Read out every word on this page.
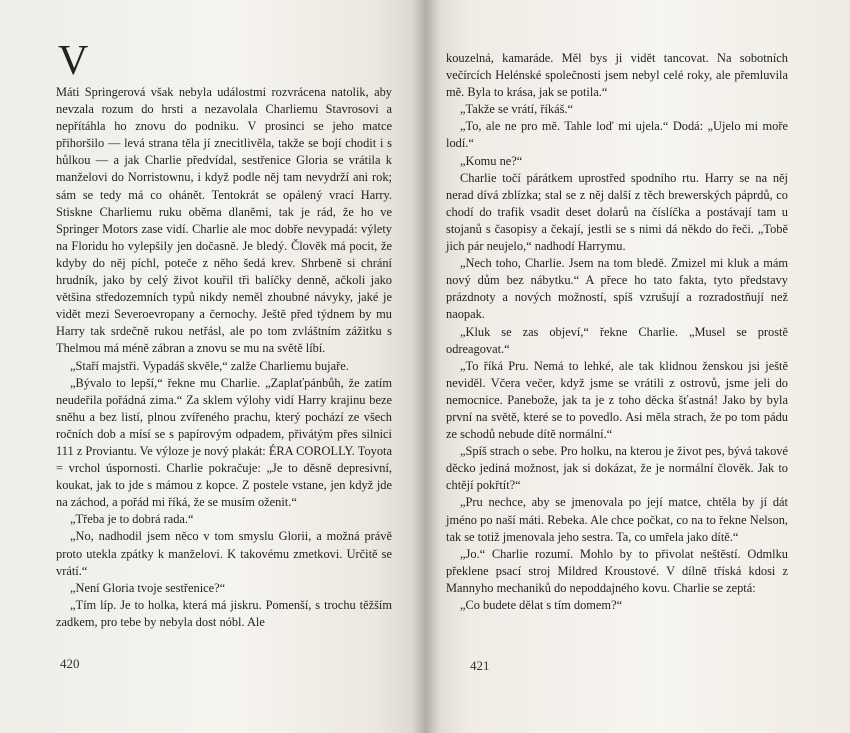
V

Máti Springerová však nebyla událostmi rozvrácena natolik, aby nevzala rozum do hrsti a nezavolala Charliemu Stavrosovi a nepřítáhla ho znovu do podniku. V prosinci se jeho matce přihoršilo — levá strana těla jí znecitlivěla, takže se bojí chodit i s hůlkou — a jak Charlie předvídal, sestřenice Gloria se vrátila k manželovi do Norristownu, i když podle něj tam nevydrží ani rok; sám se tedy má co ohánět. Tentokrát se opálený vrací Harry. Stiskne Charliemu ruku oběma dlaněmi, tak je rád, že ho ve Springer Motors zase vidí. Charlie ale moc dobře nevypadá: výlety na Floridu ho vylepšily jen dočasně. Je bledý. Člověk má pocit, že kdyby do něj píchl, poteče z něho šedá krev. Shrbeně si chrání hrudník, jako by celý život kouřil tři balíčky denně, ačkoli jako většina středozemních typů nikdy neměl zhoubné návyky, jaké je vidět mezi Severoevropany a černochy. Ještě před týdnem by mu Harry tak srdečně rukou netřásl, ale po tom zvláštním zážitku s Thelmou má méně zábran a znovu se mu na světě líbí.

„Staří majstři. Vypadáš skvěle,“ zalže Charliemu bujaře.

„Bývalo to lepší,“ řekne mu Charlie. „Zaplaťpánbůh, že zatím neudeřila pořádná zima.“ Za sklem výlohy vidí Harry krajinu beze sněhu a bez listí, plnou zvířeného prachu, který pochází ze všech ročních dob a mísí se s papírovým odpadem, přivátým přes silnici 111 z Proviantu. Ve výloze je nový plakát: ÉRA COROLLY. Toyota = vrchol úspornosti. Charlie pokračuje: „Je to děsně depresivní, koukat, jak to jde s mámou z kopce. Z postele vstane, jen když jde na záchod, a pořád mi říká, že se musím oženit.“

„Třeba je to dobrá rada.“

„No, nadhodil jsem něco v tom smyslu Glorii, a možná právě proto utekla zpátky k manželovi. K takovému zmetkovi. Určitě se vrátí.“

„Není Gloria tvoje sestřenice?“

„Tím líp. Je to holka, která má jiskru. Pomenší, s trochu těžším zadkem, pro tebe by nebyla dost nóbl. Ale

420

kouzelná, kamaráde. Měl bys ji vidět tancovat. Na sobotních večírcích Helénské společnosti jsem nebyl celé roky, ale přemluvila mě. Byla to krása, jak se potila.“

„Takže se vrátí, říkáš.“

„To, ale ne pro mě. Tahle loď mi ujela.“ Dodá: „Ujelo mi moře lodí.“

„Komu ne?“

Charlie točí párátkem uprostřed spodního rtu. Harry se na něj nerad dívá zblízka; stal se z něj další z těch brewerských páprdů, co chodí do trafik vsadit deset dolarů na číslíčka a postávají tam u stojanů s časopisy a čekají, jestli se s nimi dá někdo do řeči. „Tobě jich pár neujelo,“ nadhodí Harrymu.

„Nech toho, Charlie. Jsem na tom bledě. Zmizel mi kluk a mám nový dům bez nábytku.“ A přece ho tato fakta, tyto představy prázdnoty a nových možností, spíš vzrušují a rozradostňují než naopak.

„Kluk se zas objeví,“ řekne Charlie. „Musel se prostě odreagovat.“

„To říká Pru. Nemá to lehké, ale tak klidnou ženskou jsi ještě neviděl. Včera večer, když jsme se vrátili z ostrovů, jsme jeli do nemocnice. Panebože, jak ta je z toho děcka šťastná! Jako by byla první na světě, které se to povedlo. Asi měla strach, že po tom pádu ze schodů nebude dítě normální.“

„Spíš strach o sebe. Pro holku, na kterou je život pes, bývá takové děcko jediná možnost, jak si dokázat, že je normální člověk. Jak to chtějí pokřtít?“

„Pru nechce, aby se jmenovala po její matce, chtěla by jí dát jméno po naší máti. Rebeka. Ale chce počkat, co na to řekne Nelson, tak se totiž jmenovala jeho sestra. Ta, co umřela jako dítě.“

„Jo.“ Charlie rozumí. Mohlo by to přivolat neštěstí. Odmlku překlene psací stroj Mildred Kroustové. V dílně tříská kdosi z Mannyho mechaniků do nepoddajného kovu. Charlie se zeptá:

„Co budete dělat s tím domem?“

421
